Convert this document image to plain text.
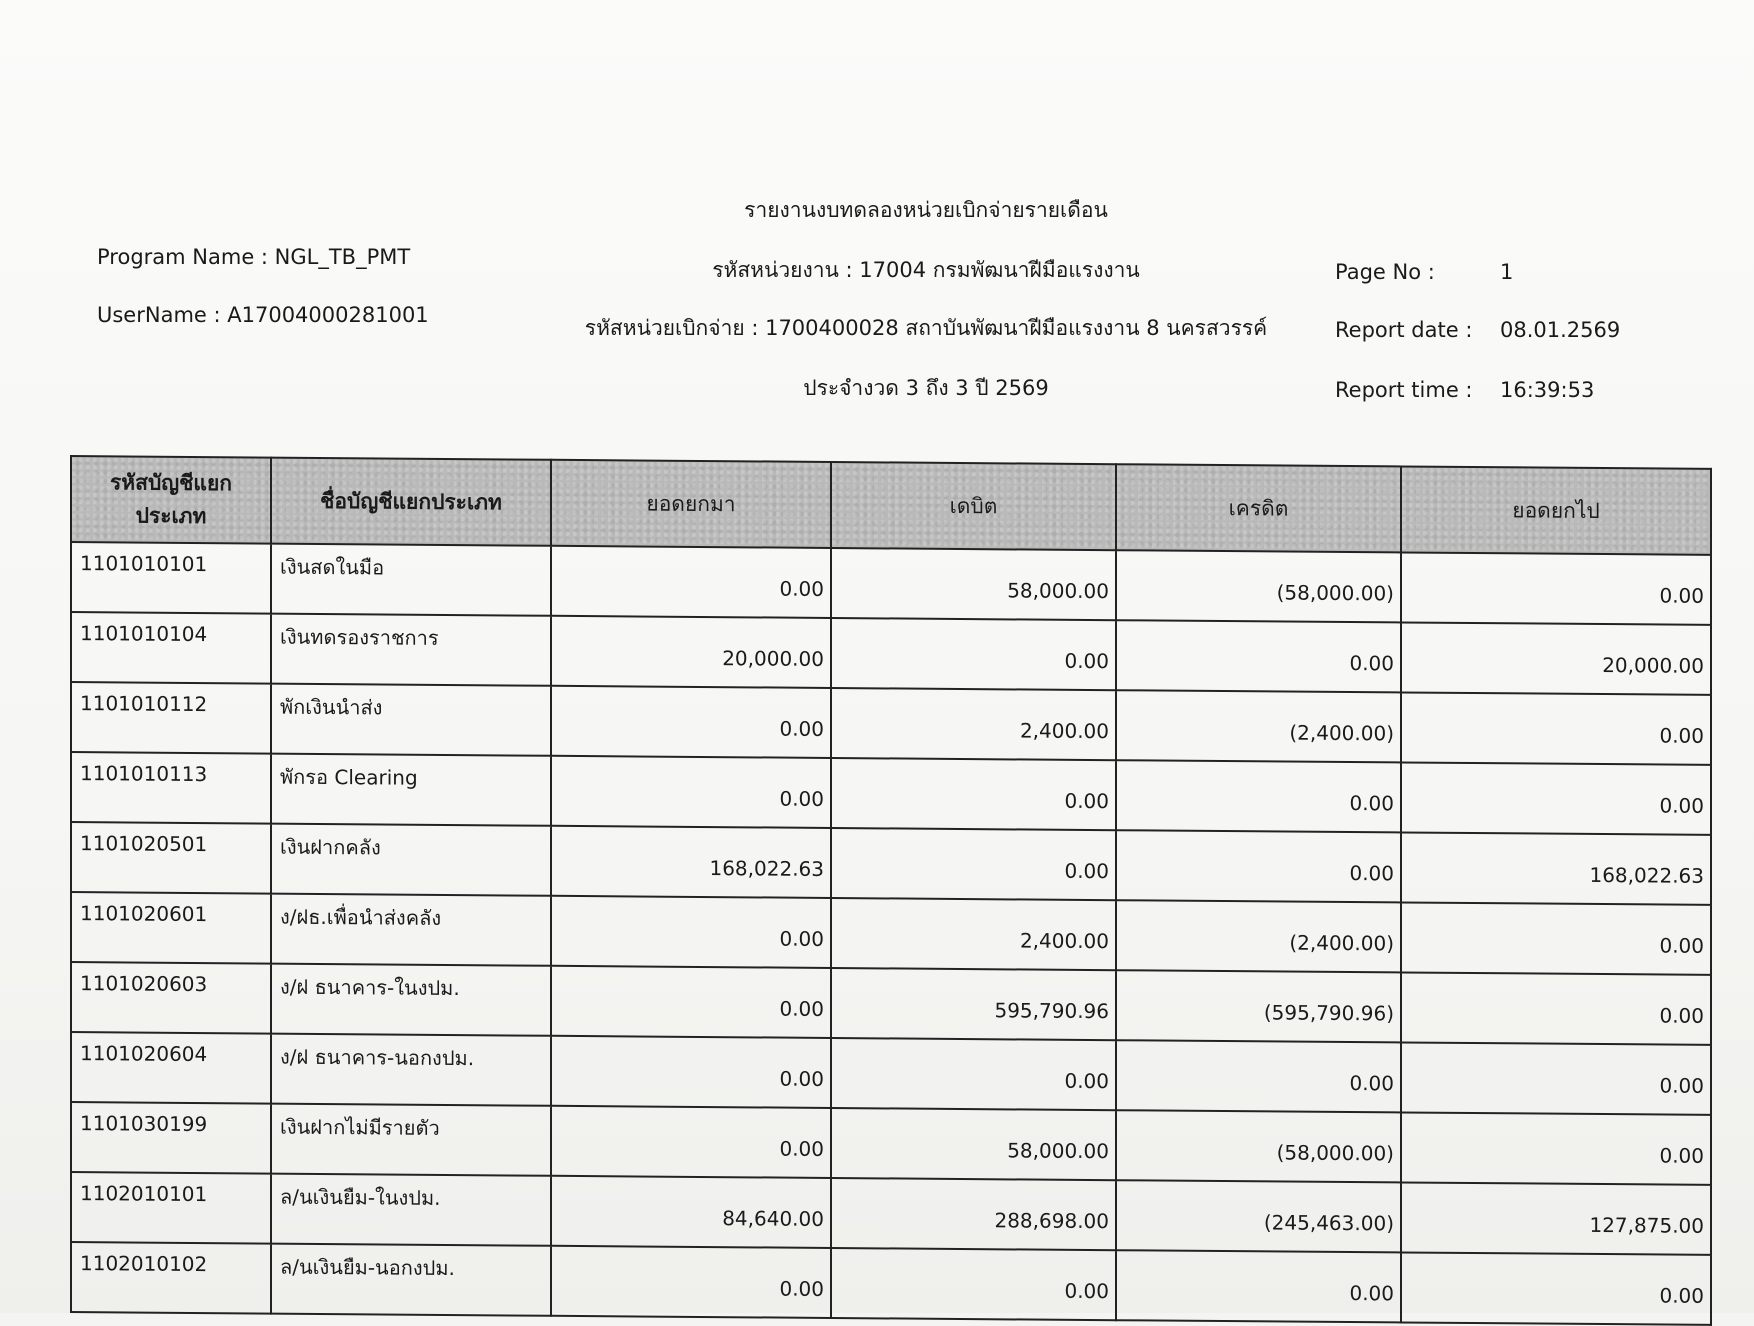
รายงานงบทดลองหน่วยเบิกจ่ายรายเดือน
Program Name : NGL_TB_PMT
UserName : A17004000281001
รหัสหน่วยงาน : 17004 กรมพัฒนาฝีมือแรงงาน
รหัสหน่วยเบิกจ่าย : 1700400028 สถาบันพัฒนาฝีมือแรงงาน 8 นครสวรรค์
ประจำงวด 3 ถึง 3 ปี 2569
Page No :	1
Report date : 08.01.2569
Report time : 16:39:53
รหัสบัญชีแยกประเภท	ชื่อบัญชีแยกประเภท	ยอดยกมา	เดบิต	เครดิต	ยอดยกไป
1101010101	เงินสดในมือ	0.00	58,000.00	(58,000.00)	0.00
1101010104	เงินทดรองราชการ	20,000.00	0.00	0.00	20,000.00
1101010112	พักเงินนำส่ง	0.00	2,400.00	(2,400.00)	0.00
1101010113	พักรอ Clearing	0.00	0.00	0.00	0.00
1101020501	เงินฝากคลัง	168,022.63	0.00	0.00	168,022.63
1101020601	ง/ฝธ.เพื่อนำส่งคลัง	0.00	2,400.00	(2,400.00)	0.00
1101020603	ง/ฝ ธนาคาร-ในงปม.	0.00	595,790.96	(595,790.96)	0.00
1101020604	ง/ฝ ธนาคาร-นอกงปม.	0.00	0.00	0.00	0.00
1101030199	เงินฝากไม่มีรายตัว	0.00	58,000.00	(58,000.00)	0.00
1102010101	ล/นเงินยืม-ในงปม.	84,640.00	288,698.00	(245,463.00)	127,875.00
1102010102	ล/นเงินยืม-นอกงปม.	0.00	0.00	0.00	0.00
